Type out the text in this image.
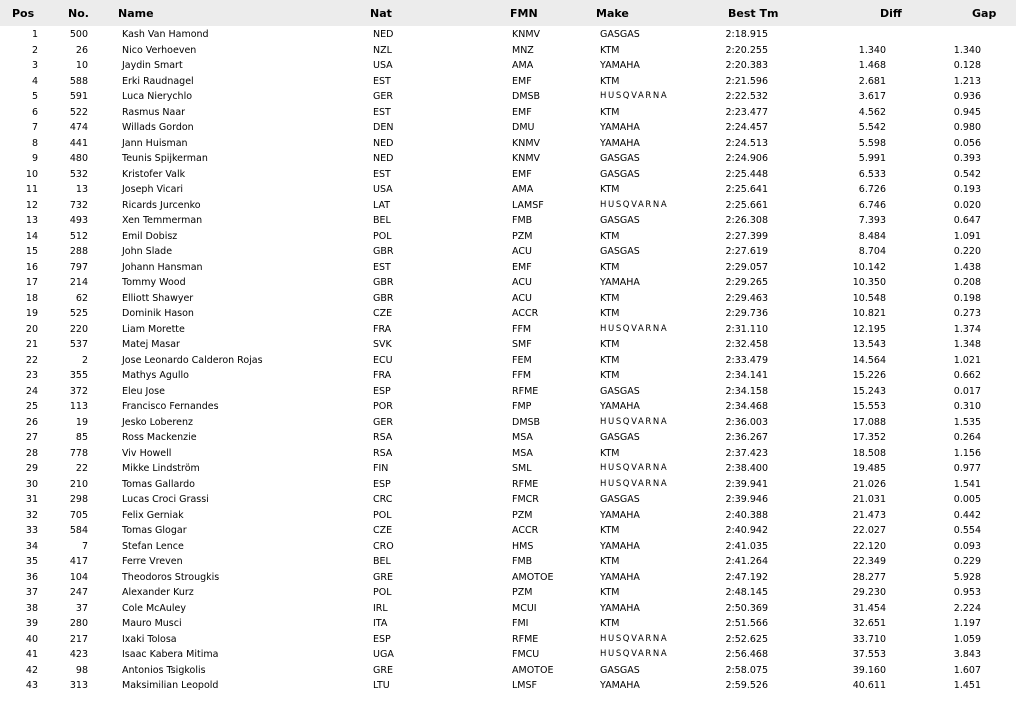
Pos	No.	Name	Nat	FMN	Make	Best Tm	Diff	Gap
1	500	Kash Van Hamond	NED	KNMV	GASGAS	2:18.915
2	26	Nico Verhoeven	NZL	MNZ	KTM	2:20.255	1.340	1.340
3	10	Jaydin Smart	USA	AMA	YAMAHA	2:20.383	1.468	0.128
4	588	Erki Raudnagel	EST	EMF	KTM	2:21.596	2.681	1.213
5	591	Luca Nierychlo	GER	DMSB	HUSQVARNA	2:22.532	3.617	0.936
6	522	Rasmus Naar	EST	EMF	KTM	2:23.477	4.562	0.945
7	474	Willads Gordon	DEN	DMU	YAMAHA	2:24.457	5.542	0.980
8	441	Jann Huisman	NED	KNMV	YAMAHA	2:24.513	5.598	0.056
9	480	Teunis Spijkerman	NED	KNMV	GASGAS	2:24.906	5.991	0.393
10	532	Kristofer Valk	EST	EMF	GASGAS	2:25.448	6.533	0.542
11	13	Joseph Vicari	USA	AMA	KTM	2:25.641	6.726	0.193
12	732	Ricards Jurcenko	LAT	LAMSF	HUSQVARNA	2:25.661	6.746	0.020
13	493	Xen Temmerman	BEL	FMB	GASGAS	2:26.308	7.393	0.647
14	512	Emil Dobisz	POL	PZM	KTM	2:27.399	8.484	1.091
15	288	John Slade	GBR	ACU	GASGAS	2:27.619	8.704	0.220
16	797	Johann Hansman	EST	EMF	KTM	2:29.057	10.142	1.438
17	214	Tommy Wood	GBR	ACU	YAMAHA	2:29.265	10.350	0.208
18	62	Elliott Shawyer	GBR	ACU	KTM	2:29.463	10.548	0.198
19	525	Dominik Hason	CZE	ACCR	KTM	2:29.736	10.821	0.273
20	220	Liam Morette	FRA	FFM	HUSQVARNA	2:31.110	12.195	1.374
21	537	Matej Masar	SVK	SMF	KTM	2:32.458	13.543	1.348
22	2	Jose Leonardo Calderon Rojas	ECU	FEM	KTM	2:33.479	14.564	1.021
23	355	Mathys Agullo	FRA	FFM	KTM	2:34.141	15.226	0.662
24	372	Eleu Jose	ESP	RFME	GASGAS	2:34.158	15.243	0.017
25	113	Francisco Fernandes	POR	FMP	YAMAHA	2:34.468	15.553	0.310
26	19	Jesko Loberenz	GER	DMSB	HUSQVARNA	2:36.003	17.088	1.535
27	85	Ross Mackenzie	RSA	MSA	GASGAS	2:36.267	17.352	0.264
28	778	Viv Howell	RSA	MSA	KTM	2:37.423	18.508	1.156
29	22	Mikke Lindström	FIN	SML	HUSQVARNA	2:38.400	19.485	0.977
30	210	Tomas Gallardo	ESP	RFME	HUSQVARNA	2:39.941	21.026	1.541
31	298	Lucas Croci Grassi	CRC	FMCR	GASGAS	2:39.946	21.031	0.005
32	705	Felix Gerniak	POL	PZM	YAMAHA	2:40.388	21.473	0.442
33	584	Tomas Glogar	CZE	ACCR	KTM	2:40.942	22.027	0.554
34	7	Stefan Lence	CRO	HMS	YAMAHA	2:41.035	22.120	0.093
35	417	Ferre Vreven	BEL	FMB	KTM	2:41.264	22.349	0.229
36	104	Theodoros Strougkis	GRE	AMOTOE	YAMAHA	2:47.192	28.277	5.928
37	247	Alexander Kurz	POL	PZM	KTM	2:48.145	29.230	0.953
38	37	Cole McAuley	IRL	MCUI	YAMAHA	2:50.369	31.454	2.224
39	280	Mauro Musci	ITA	FMI	KTM	2:51.566	32.651	1.197
40	217	Ixaki Tolosa	ESP	RFME	HUSQVARNA	2:52.625	33.710	1.059
41	423	Isaac Kabera Mitima	UGA	FMCU	HUSQVARNA	2:56.468	37.553	3.843
42	98	Antonios Tsigkolis	GRE	AMOTOE	GASGAS	2:58.075	39.160	1.607
43	313	Maksimilian Leopold	LTU	LMSF	YAMAHA	2:59.526	40.611	1.451
